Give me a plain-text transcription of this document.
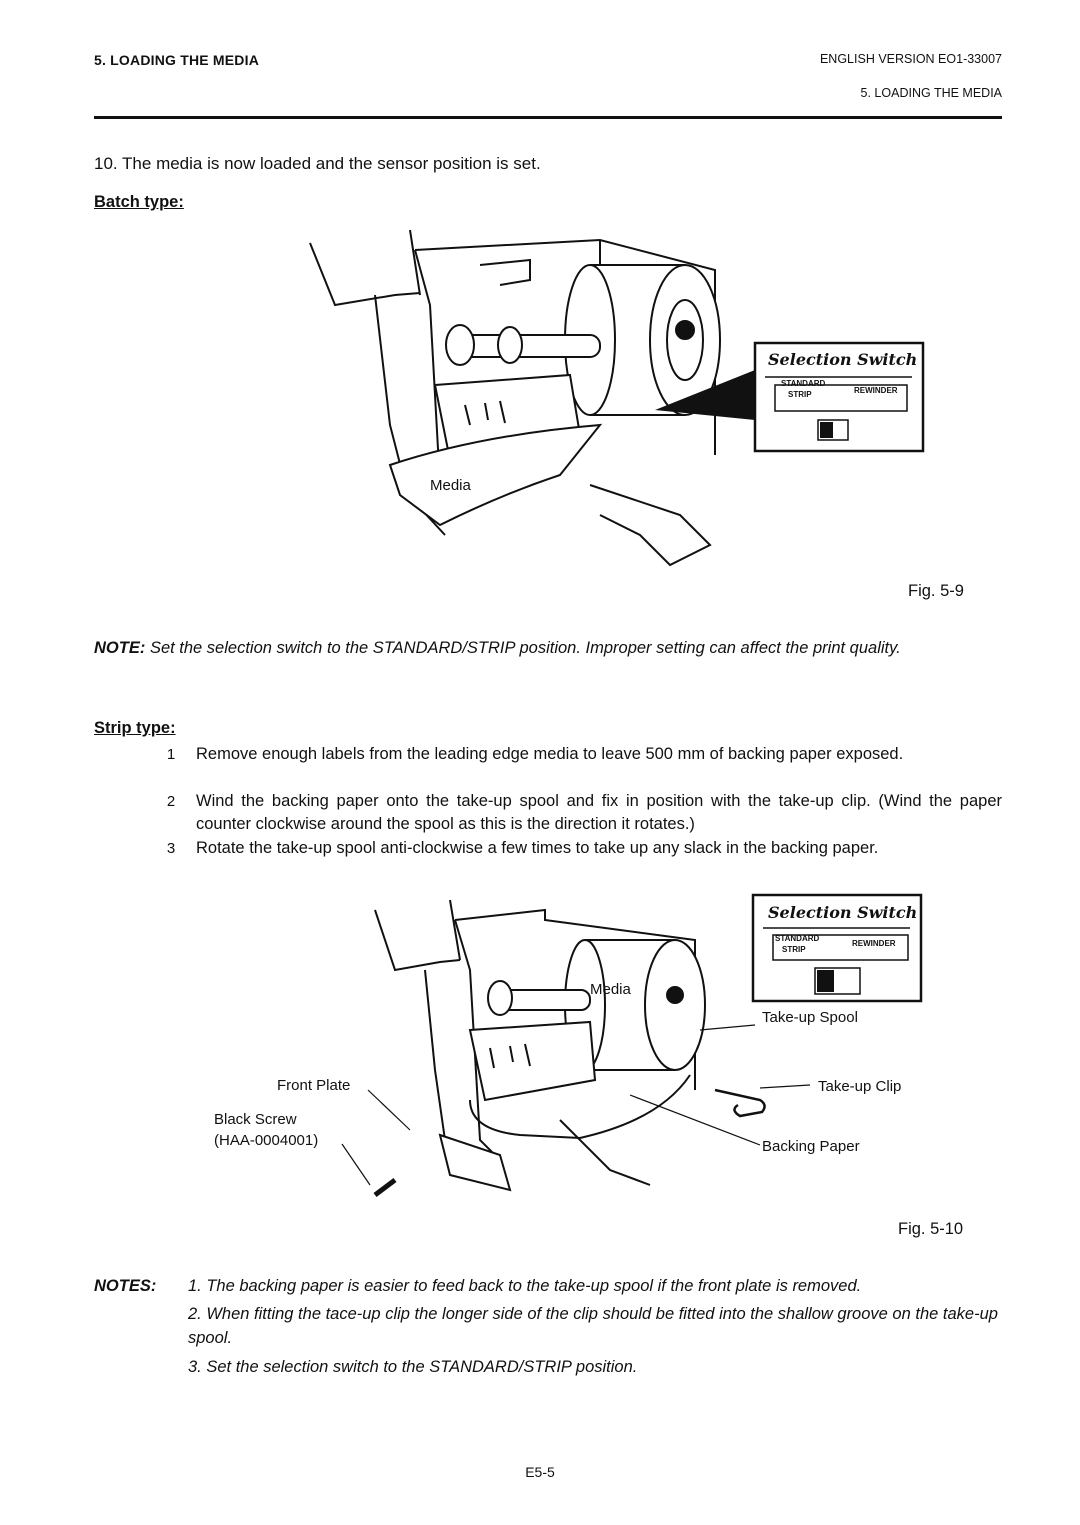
5. LOADING THE MEDIA	ENGLISH VERSION EO1-33007
5. LOADING THE MEDIA
10. The media is now loaded and the sensor position is set.
Batch type:
Selection Switch
STANDARD
STRIP	REWINDER
Media
Fig. 5-9
NOTE: Set the selection switch to the STANDARD/STRIP position. Improper setting can affect the print quality.
Strip type:
1	Remove enough labels from the leading edge media to leave 500 mm of backing paper exposed.
2	Wind the backing paper onto the take-up spool and fix in position with the take-up clip. (Wind the paper counter clockwise around the spool as this is the direction it rotates.)
3	Rotate the take-up spool anti-clockwise a few times to take up any slack in the backing paper.
Selection Switch
STANDARD
STRIP
REWINDER
Media
Take-up Spool
Front Plate	Take-up Clip
Black Screw
(HAA-0004001)	Backing Paper
Fig. 5-10
NOTES: 1. The backing paper is easier to feed back to the take-up spool if the front plate is removed.
2. When fitting the tace-up clip the longer side of the clip should be fitted into the shallow groove on the take-up spool.
3. Set the selection switch to the STANDARD/STRIP position.
E5-5
